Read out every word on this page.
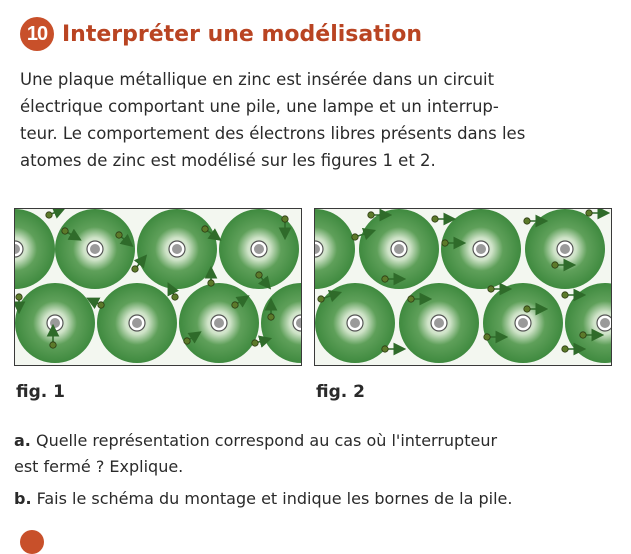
10 Interpréter une modélisation
Une plaque métallique en zinc est insérée dans un circuit
électrique comportant une pile, une lampe et un interrup-
teur. Le comportement des électrons libres présents dans les
atomes de zinc est modélisé sur les figures 1 et 2.
fig. 1	fig. 2
a. Quelle représentation correspond au cas où l'interrupteur
est fermé ? Explique.
b. Fais le schéma du montage et indique les bornes de la pile.
